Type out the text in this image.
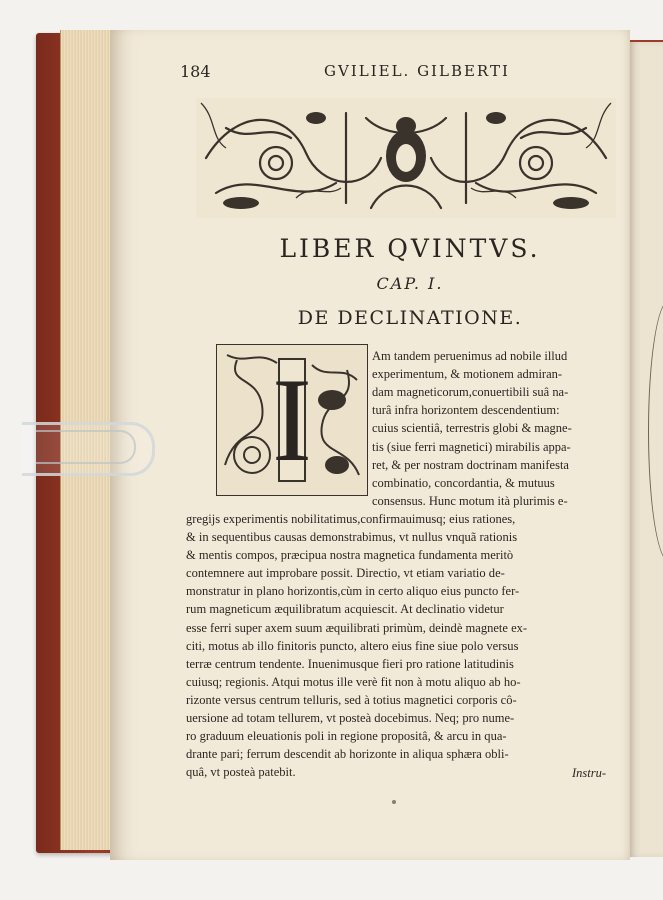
184	GVILIEL. GILBERTI
LIBER QVINTVS.
CAP. I.
DE DECLINATIONE.
I	Am tandem peruenimus ad nobile illud
experimentum, & motionem admiran-
dam magneticorum,conuertibili suâ na-
turâ infra horizontem descendentium:
cuius scientiâ, terrestris globi & magne-
tis (siue ferri magnetici) mirabilis appa-
ret, & per nostram doctrinam manifesta
combinatio, concordantia, & mutuus
consensus. Hunc motum ità plurimis e-
gregijs experimentis nobilitatimus,confirmauimusq; eius rationes,
& in sequentibus causas demonstrabimus, vt nullus vnquã rationis
& mentis compos, præcipua nostra magnetica fundamenta meritò
contemnere aut improbare possit. Directio, vt etiam variatio de-
monstratur in plano horizontis,cùm in certo aliquo eius puncto fer-
rum magneticum æquilibratum acquiescit. At declinatio videtur
esse ferri super axem suum æquilibrati primùm, deindè magnete ex-
citi, motus ab illo finitoris puncto, altero eius fine siue polo versus
terræ centrum tendente. Inuenimusque fieri pro ratione latitudinis
cuiusq; regionis. Atqui motus ille verè fit non à motu aliquo ab ho-
rizonte versus centrum telluris, sed à totius magnetici corporis cô-
uersione ad totam tellurem, vt posteà docebimus. Neq; pro nume-
ro graduum eleuationis poli in regione propositâ, & arcu in qua-
drante pari; ferrum descendit ab horizonte in aliqua sphæra obli-
quâ, vt posteà patebit.	Instru-
